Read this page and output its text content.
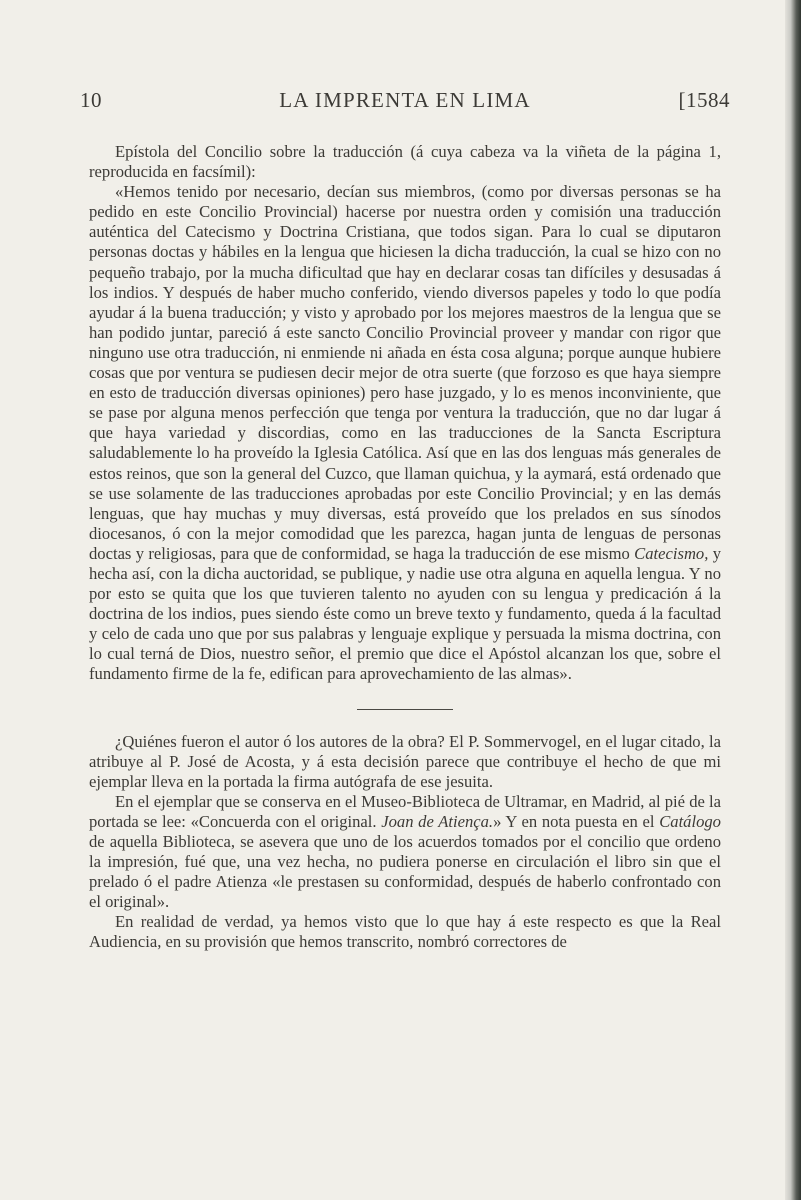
10	LA IMPRENTA EN LIMA	[1584

Epístola del Concilio sobre la traducción (á cuya cabeza va la viñeta de la página 1, reproducida en facsímil):

«Hemos tenido por necesario, decían sus miembros, (como por diversas personas se ha pedido en este Concilio Provincial) hacerse por nuestra orden y comisión una traducción auténtica del Catecismo y Doctrina Cristiana, que todos sigan. Para lo cual se diputaron personas doctas y hábiles en la lengua que hiciesen la dicha traducción, la cual se hizo con no pequeño trabajo, por la mucha dificultad que hay en declarar cosas tan difíciles y desusadas á los indios. Y después de haber mucho conferido, viendo diversos papeles y todo lo que podía ayudar á la buena traducción; y visto y aprobado por los mejores maestros de la lengua que se han podido juntar, pareció á este sancto Concilio Provincial proveer y mandar con rigor que ninguno use otra traducción, ni enmiende ni añada en ésta cosa alguna; porque aunque hubiere cosas que por ventura se pudiesen decir mejor de otra suerte (que forzoso es que haya siempre en esto de traducción diversas opiniones) pero hase juzgado, y lo es menos inconviniente, que se pase por alguna menos perfección que tenga por ventura la traducción, que no dar lugar á que haya variedad y discordias, como en las traducciones de la Sancta Escriptura saludablemente lo ha proveído la Iglesia Católica. Así que en las dos lenguas más generales de estos reinos, que son la general del Cuzco, que llaman quichua, y la aymará, está ordenado que se use solamente de las traducciones aprobadas por este Concilio Provincial; y en las demás lenguas, que hay muchas y muy diversas, está proveído que los prelados en sus sínodos diocesanos, ó con la mejor comodidad que les parezca, hagan junta de lenguas de personas doctas y religiosas, para que de conformidad, se haga la traducción de ese mismo Catecismo, y hecha así, con la dicha auctoridad, se publique, y nadie use otra alguna en aquella lengua. Y no por esto se quita que los que tuvieren talento no ayuden con su lengua y predicación á la doctrina de los indios, pues siendo éste como un breve texto y fundamento, queda á la facultad y celo de cada uno que por sus palabras y lenguaje explique y persuada la misma doctrina, con lo cual terná de Dios, nuestro señor, el premio que dice el Apóstol alcanzan los que, sobre el fundamento firme de la fe, edifican para aprovechamiento de las almas».

¿Quiénes fueron el autor ó los autores de la obra? El P. Sommervogel, en el lugar citado, la atribuye al P. José de Acosta, y á esta decisión parece que contribuye el hecho de que mi ejemplar lleva en la portada la firma autógrafa de ese jesuita.

En el ejemplar que se conserva en el Museo-Biblioteca de Ultramar, en Madrid, al pié de la portada se lee: «Concuerda con el original. Joan de Atiença.» Y en nota puesta en el Catálogo de aquella Biblioteca, se asevera que uno de los acuerdos tomados por el concilio que ordeno la impresión, fué que, una vez hecha, no pudiera ponerse en circulación el libro sin que el prelado ó el padre Atienza «le prestasen su conformidad, después de haberlo confrontado con el original».

En realidad de verdad, ya hemos visto que lo que hay á este respecto es que la Real Audiencia, en su provisión que hemos transcrito, nombró correctores de
